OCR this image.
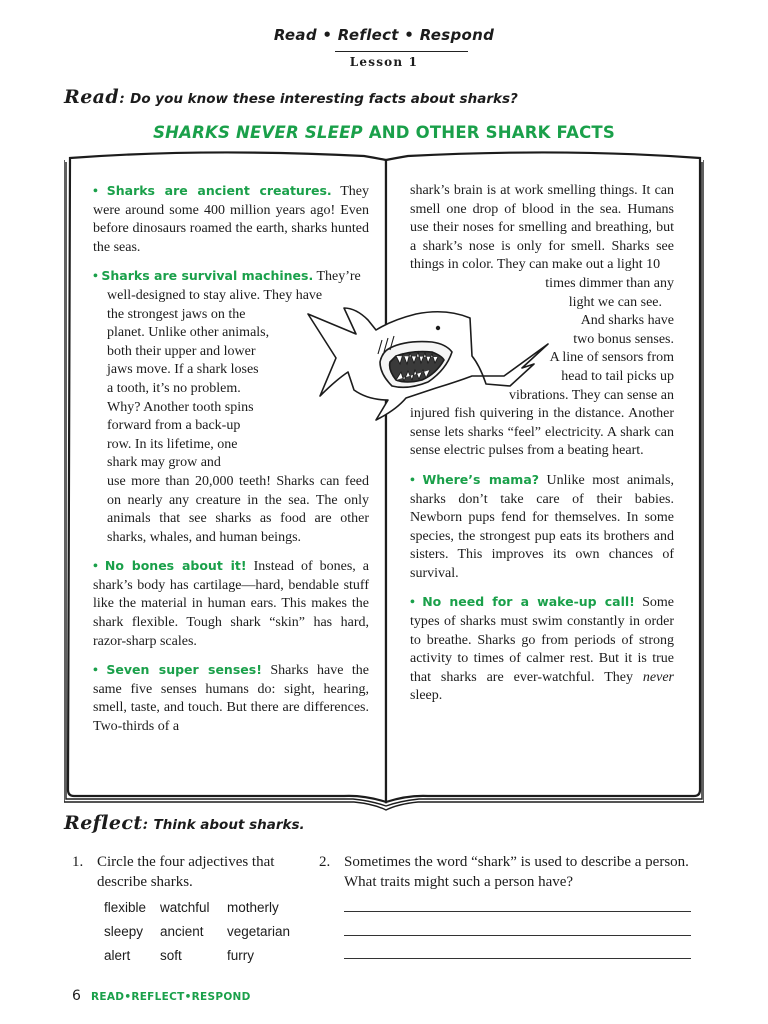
Read • Reflect • Respond
Lesson 1
Read: Do you know these interesting facts about sharks?
SHARKS NEVER SLEEP AND OTHER SHARK FACTS

• Sharks are ancient creatures. They were around some 400 million years ago! Even before dinosaurs roamed the earth, sharks hunted the seas.

• Sharks are survival machines. They’re
well-designed to stay alive. They have
the strongest jaws on the
planet. Unlike other animals,
both their upper and lower
jaws move. If a shark loses
a tooth, it’s no problem.
Why? Another tooth spins
forward from a back-up
row. In its lifetime, one
shark may grow and
use more than 20,000 teeth! Sharks can feed on nearly any creature in the sea. The only animals that see sharks as food are other sharks, whales, and human beings.

• No bones about it! Instead of bones, a shark’s body has cartilage—hard, bendable stuff like the material in human ears. This makes the shark flexible. Tough shark “skin” has hard, razor-sharp scales.

• Seven super senses! Sharks have the same five senses humans do: sight, hearing, smell, taste, and touch. But there are differences. Two-thirds of a

shark’s brain is at work smelling things. It can smell one drop of blood in the sea. Humans use their noses for smelling and breathing, but a shark’s nose is only for smell. Sharks see things in color. They can make out a light 10
times dimmer than any
light we can see.
And sharks have
two bonus senses.
A line of sensors from
head to tail picks up
vibrations. They can sense an
injured fish quivering in the distance. Another sense lets sharks “feel” electricity. A shark can sense electric pulses from a beating heart.

• Where’s mama? Unlike most animals, sharks don’t take care of their babies. Newborn pups fend for themselves. In some species, the strongest pup eats its brothers and sisters. This improves its own chances of survival.

• No need for a wake-up call! Some types of sharks must swim constantly in order to breathe. Sharks go from periods of strong activity to times of calmer rest. But it is true that sharks are ever-watchful. They never sleep.

Reflect: Think about sharks.
1. Circle the four adjectives that describe sharks.
flexible watchful motherly
sleepy ancient vegetarian
alert soft	furry
2. Sometimes the word “shark” is used to describe a person. What traits might such a person have?
6 READ•REFLECT•RESPOND
